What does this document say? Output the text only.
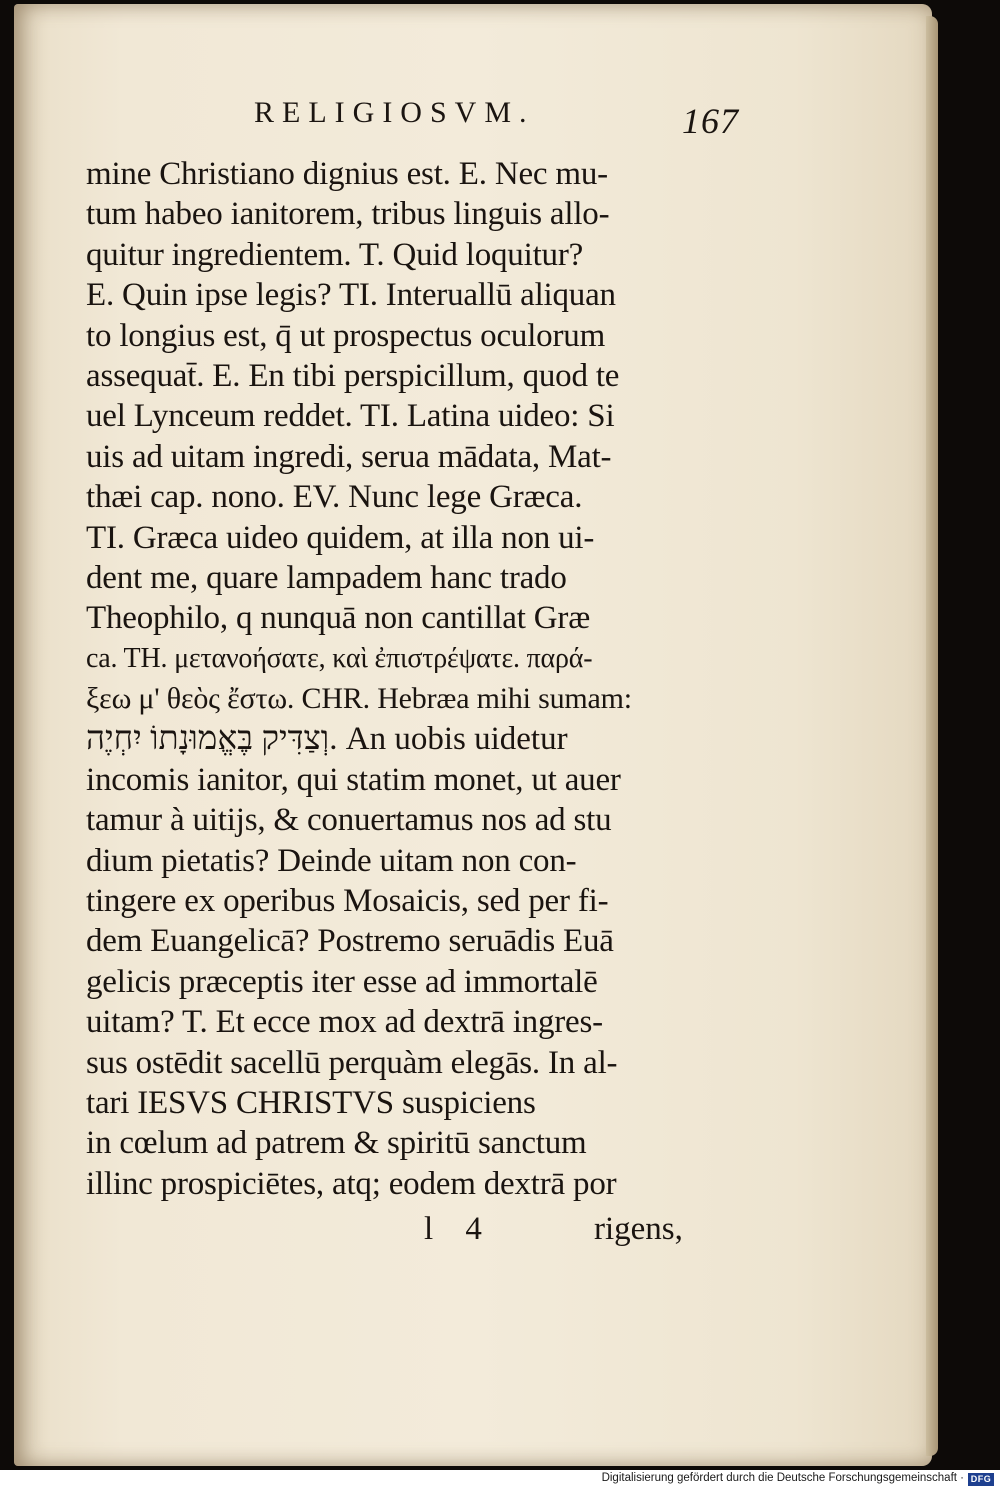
RELIGIOSVM.	167
mine Christiano dignius est. E. Nec mu-
tum habeo ianitorem, tribus linguis allo-
quitur ingredientem. T. Quid loquitur?
E. Quin ipse legis? TI. Interuallū aliquan
to longius est, q̄ ut prospectus oculorum
assequat̄. E. En tibi perspicillum, quod te
uel Lynceum reddet. TI. Latina uideo: Si
uis ad uitam ingredi, serua mādata, Mat-
thæi cap. nono. EV. Nunc lege Græca.
TI. Græca uideo quidem, at illa non ui-
dent me, quare lampadem hanc trado
Theophilo, q nunquā non cantillat Græ
ca. TH. μετανοήσατε, καὶ ἐπιστρέψατε. παρά-
ξεω μ' θεὸς ἔστω. CHR. Hebræa mihi sumam:
וְצַדִּיק בֶּאֱמוּנָתוֹ יִחְיֶה. An uobis uidetur
incomis ianitor, qui statim monet, ut auer
tamur à uitijs, & conuertamus nos ad stu
dium pietatis? Deinde uitam non con-
tingere ex operibus Mosaicis, sed per fi-
dem Euangelicā? Postremo seruādis Euā
gelicis præceptis iter esse ad immortalē
uitam? T. Et ecce mox ad dextrā ingres-
sus ostēdit sacellū perquàm elegās. In al-
tari IESVS CHRISTVS suspiciens
in cœlum ad patrem & spiritū sanctum
illinc prospiciētes, atq; eodem dextrā por
l 4	rigens,
Digitalisierung gefördert durch die Deutsche Forschungsgemeinschaft · DFG
